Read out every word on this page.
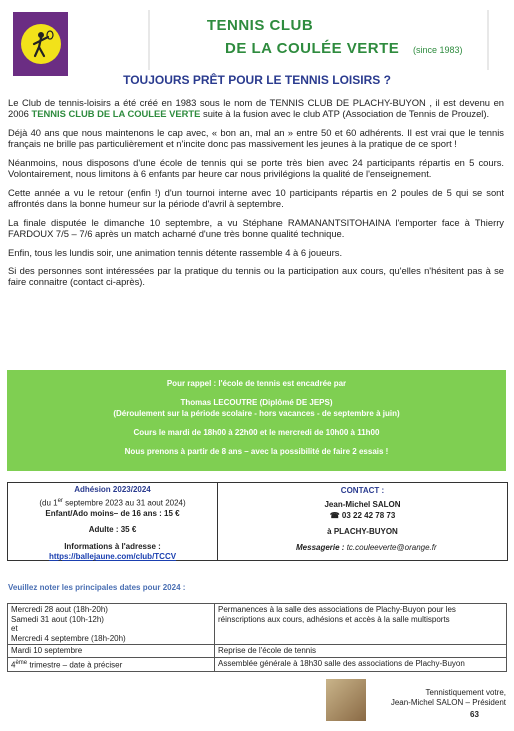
TENNIS CLUB
DE LA COULÉE VERTE (since 1983)
TOUJOURS PRÊT POUR LE TENNIS LOISIRS ?

Le Club de tennis-loisirs a été créé en 1983 sous le nom de TENNIS CLUB DE PLACHY-BUYON , il est devenu en 2006 TENNIS CLUB DE LA COULEE VERTE suite à la fusion avec le club ATP (Association de Tennis de Prouzel).

Déjà 40 ans que nous maintenons le cap avec, « bon an, mal an » entre 50 et 60 adhérents. Il est vrai que le tennis français ne brille pas particulièrement et n'incite donc pas massivement les jeunes à la pratique de ce sport !

Néanmoins, nous disposons d'une école de tennis qui se porte très bien avec 24 participants répartis en 5 cours. Volontairement, nous limitons à 6 enfants par heure car nous privilégions la qualité de l'enseignement.

Cette année a vu le retour (enfin !) d'un tournoi interne avec 10 participants répartis en 2 poules de 5 qui se sont affrontés dans la bonne humeur sur la période d'avril à septembre.

La finale disputée le dimanche 10 septembre, a vu Stéphane RAMANANTSITOHAINA l'emporter face à Thierry FARDOUX 7/5 – 7/6 après un match acharné d'une très bonne qualité technique.

Enfin, tous les lundis soir, une animation tennis détente rassemble 4 à 6 joueurs.

Si des personnes sont intéressées par la pratique du tennis ou la participation aux cours, qu'elles n'hésitent pas à se faire connaitre (contact ci-après).

Pour rappel : l'école de tennis est encadrée par
Thomas LECOUTRE (Diplômé DE JEPS)
(Déroulement sur la période scolaire - hors vacances - de septembre à juin)
Cours le mardi de 18h00 à 22h00 et le mercredi de 10h00 à 11h00
Nous prenons à partir de 8 ans – avec la possibilité de faire 2 essais !
Adhésion 2023/2024
(du 1er septembre 2023 au 31 aout 2024)
Enfant/Ado moins– de 16 ans : 15 €
Adulte : 35 €
Informations à l'adresse :
https://ballejaune.com/club/TCCV
CONTACT :
Jean-Michel SALON
☎ 03 22 42 78 73
à PLACHY-BUYON
Messagerie : tc.couleeverte@orange.fr
Veuillez noter les principales dates pour 2024 :
Mercredi 28 aout (18h-20h)
Samedi 31 aout (10h-12h)
et
Mercredi 4 septembre (18h-20h)	Permanences à la salle des associations de Plachy-Buyon pour les réinscriptions aux cours, adhésions et accès à la salle multisports
Mardi 10 septembre	Reprise de l'école de tennis
4ème trimestre – date à préciser	Assemblée générale à 18h30 salle des associations de Plachy-Buyon
Tennistiquement votre,
Jean-Michel SALON – Président
63
